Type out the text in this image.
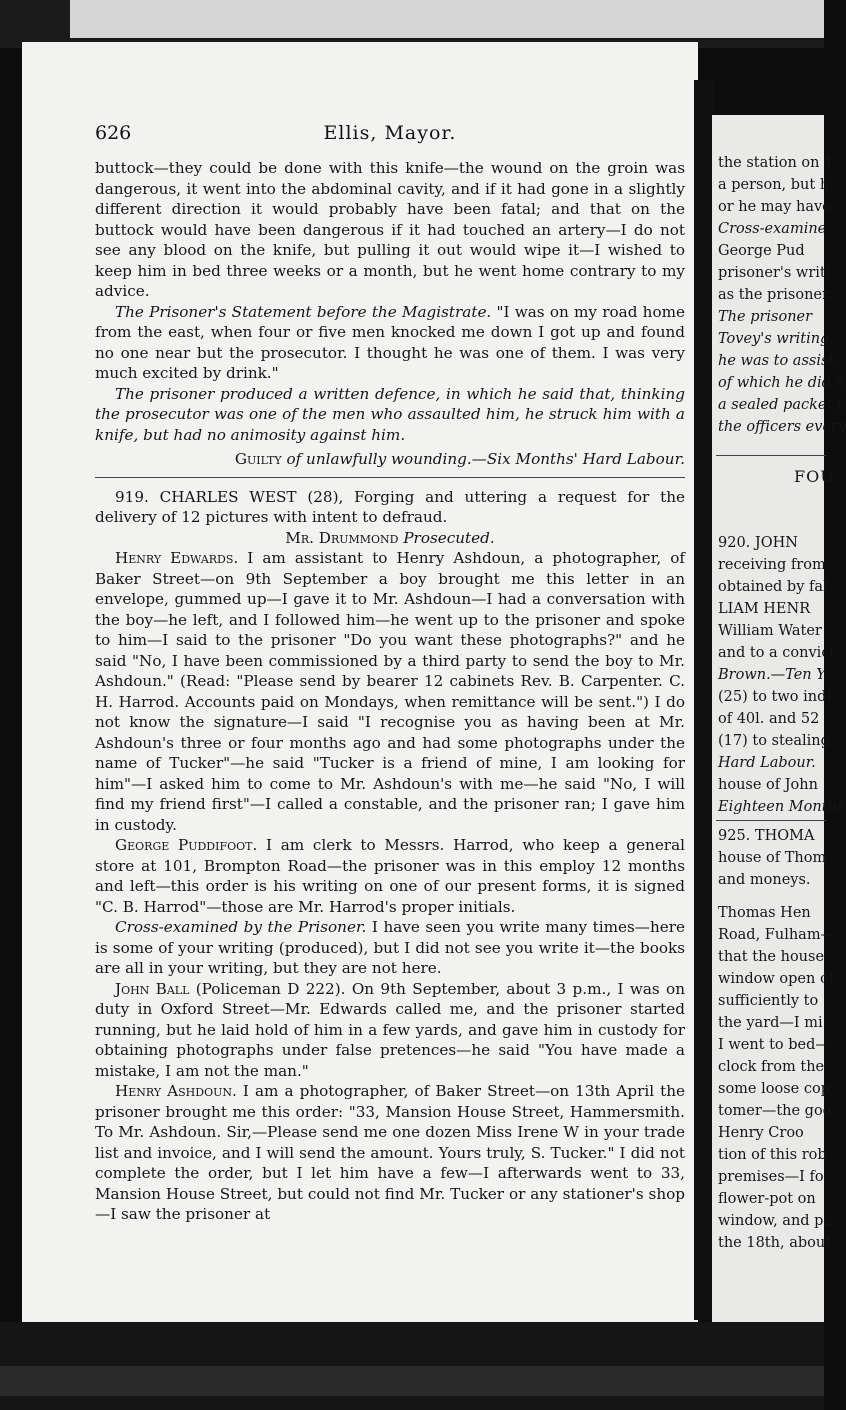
the station on 1
a person, but h
or he may have
Cross-examine
George Pud
prisoner's writi
as the prisoner.
The prisoner
Tovey's writing,
he was to assist,
of which he did n
a sealed packet f
the officers every
FOU
920. JOHN
receiving from
obtained by fal
LIAM HENR
William Water
and to a convict
Brown.—Ten Y
(25) to two indi
of 40l. and 52
(17) to stealing
Hard Labour.
house of John
Eighteen Months
925. THOMA
house of Thom
and moneys.
Thomas Hen
Road, Fulham—
that the house
window open of
sufficiently to
the yard—I mi
I went to bed—
clock from the
some loose cop
tomer—the goo
Henry Croo
tion of this rob
premises—I fo
flower-pot on
window, and pa
the 18th, about
626	Ellis, Mayor.

buttock—they could be done with this knife—the wound on the groin was dangerous, it went into the abdominal cavity, and if it had gone in a slightly different direction it would probably have been fatal; and that on the buttock would have been dangerous if it had touched an artery—I do not see any blood on the knife, but pulling it out would wipe it—I wished to keep him in bed three weeks or a month, but he went home contrary to my advice.

The Prisoner's Statement before the Magistrate. "I was on my road home from the east, when four or five men knocked me down I got up and found no one near but the prosecutor. I thought he was one of them. I was very much excited by drink."

The prisoner produced a written defence, in which he said that, thinking the prosecutor was one of the men who assaulted him, he struck him with a knife, but had no animosity against him.

Guilty of unlawfully wounding.—Six Months' Hard Labour.

919. CHARLES WEST (28), Forging and uttering a request for the delivery of 12 pictures with intent to defraud.

Mr. Drummond Prosecuted.

Henry Edwards. I am assistant to Henry Ashdoun, a photographer, of Baker Street—on 9th September a boy brought me this letter in an envelope, gummed up—I gave it to Mr. Ashdoun—I had a conversation with the boy—he left, and I followed him—he went up to the prisoner and spoke to him—I said to the prisoner "Do you want these photographs?" and he said "No, I have been commissioned by a third party to send the boy to Mr. Ashdoun." (Read: "Please send by bearer 12 cabinets Rev. B. Carpenter. C. H. Harrod. Accounts paid on Mondays, when remittance will be sent.") I do not know the signature—I said "I recognise you as having been at Mr. Ashdoun's three or four months ago and had some photographs under the name of Tucker"—he said "Tucker is a friend of mine, I am looking for him"—I asked him to come to Mr. Ashdoun's with me—he said "No, I will find my friend first"—I called a constable, and the prisoner ran; I gave him in custody.

George Puddifoot. I am clerk to Messrs. Harrod, who keep a general store at 101, Brompton Road—the prisoner was in this employ 12 months and left—this order is his writing on one of our present forms, it is signed "C. B. Harrod"—those are Mr. Harrod's proper initials.

Cross-examined by the Prisoner. I have seen you write many times—here is some of your writing (produced), but I did not see you write it—the books are all in your writing, but they are not here.

John Ball (Policeman D 222). On 9th September, about 3 p.m., I was on duty in Oxford Street—Mr. Edwards called me, and the prisoner started running, but he laid hold of him in a few yards, and gave him in custody for obtaining photographs under false pretences—he said "You have made a mistake, I am not the man."

Henry Ashdoun. I am a photographer, of Baker Street—on 13th April the prisoner brought me this order: "33, Mansion House Street, Hammersmith. To Mr. Ashdoun. Sir,—Please send me one dozen Miss Irene W in your trade list and invoice, and I will send the amount. Yours truly, S. Tucker." I did not complete the order, but I let him have a few—I afterwards went to 33, Mansion House Street, but could not find Mr. Tucker or any stationer's shop—I saw the prisoner at
